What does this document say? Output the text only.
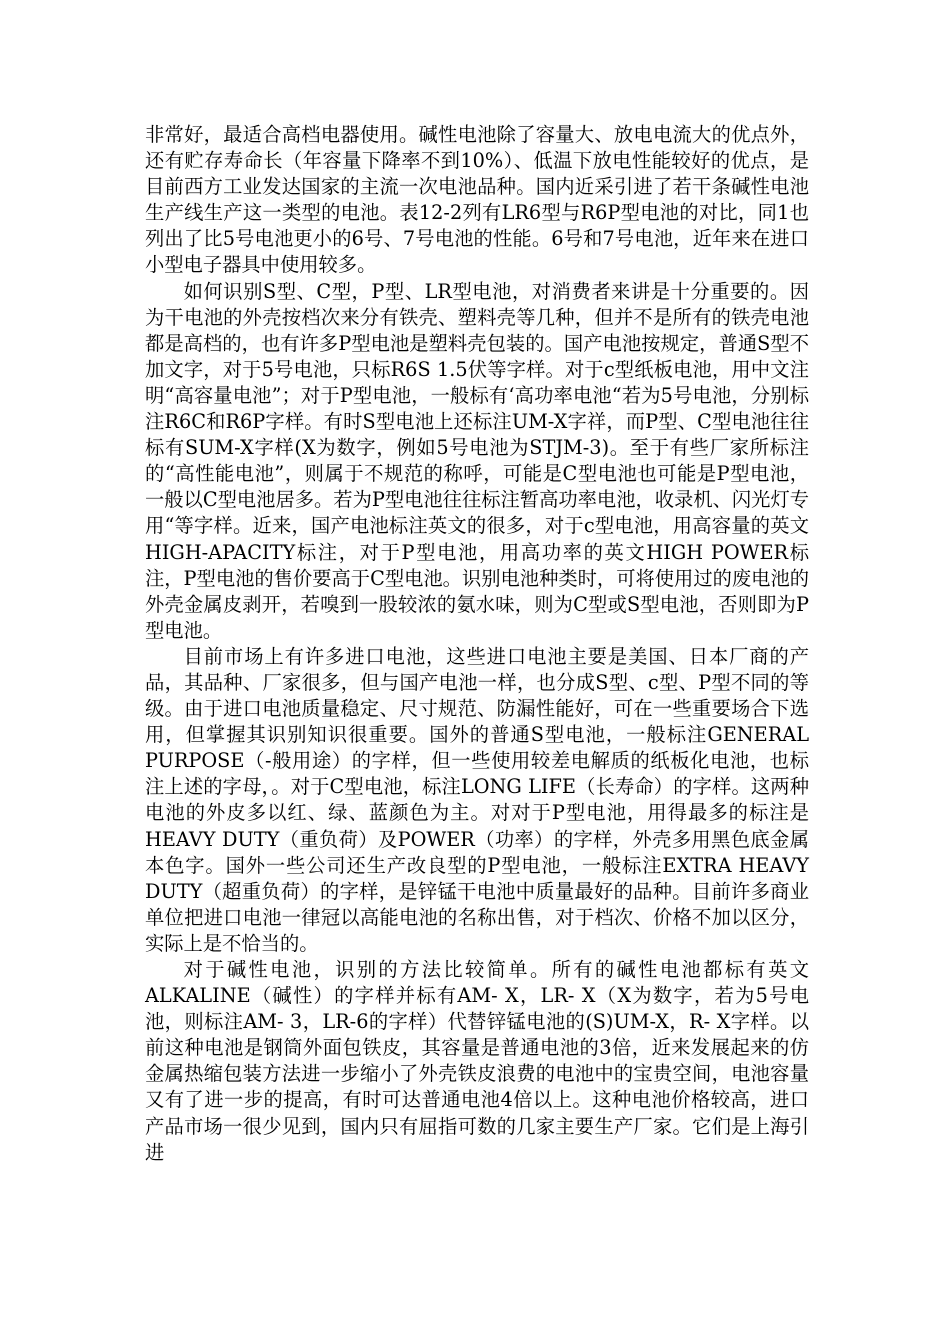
非常好，最适合高档电器使用。碱性电池除了容量大、放电电流大的优点外，还有贮存寿命长（年容量下降率不到10%）、低温下放电性能较好的优点，是目前西方工业发达国家的主流一次电池品种。国内近采引进了若干条碱性电池生产线生产这一类型的电池。表12-2列有LR6型与R6P型电池的对比，同1也列出了比5号电池更小的6号、7号电池的性能。6号和7号电池，近年来在进口小型电子器具中使用较多。

如何识别S型、C型，P型、LR型电池，对消费者来讲是十分重要的。因为干电池的外壳按档次来分有铁壳、塑料壳等几种，但并不是所有的铁壳电池都是高档的，也有许多P型电池是塑料壳包装的。国产电池按规定，普通S型不加文字，对于5号电池，只标R6S 1.5伏等字样。对于c型纸板电池，用中文注明“高容量电池”；对于P型电池，一般标有‘高功率电池“若为5号电池，分别标注R6C和R6P字样。有时S型电池上还标注UM-X字祥，而P型、C型电池往往标有SUM-X字样(X为数字，例如5号电池为STJM-3)。至于有些厂家所标注的“高性能电池”，则属于不规范的称呼，可能是C型电池也可能是P型电池，一般以C型电池居多。若为P型电池往往标注暂高功率电池，收录机、闪光灯专用“等字样。近来，国产电池标注英文的很多，对于c型电池，用高容量的英文HIGH-APACITY标注，对于P型电池，用高功率的英文HIGH POWER标注，P型电池的售价要高于C型电池。识别电池种类时，可将使用过的废电池的外壳金属皮剥开，若嗅到一股较浓的氨水味，则为C型或S型电池，否则即为P型电池。

目前市场上有许多进口电池，这些进口电池主要是美国、日本厂商的产品，其品种、厂家很多，但与国产电池一样，也分成S型、c型、P型不同的等级。由于进口电池质量稳定、尺寸规范、防漏性能好，可在一些重要场合下选用，但掌握其识别知识很重要。国外的普通S型电池，一般标注GENERAL　PURPOSE（-般用途）的字样，但一些使用较差电解质的纸板化电池，也标注上述的字母，。对于C型电池，标注LONG LIFE（长寿命）的字样。这两种电池的外皮多以红、绿、蓝颜色为主。对对于P型电池，用得最多的标注是HEAVY DUTY（重负荷）及POWER（功率）的字样，外壳多用黑色底金属本色字。国外一些公司还生产改良型的P型电池，一般标注EXTRA HEAVY DUTY（超重负荷）的字样，是锌锰干电池中质量最好的品种。目前许多商业单位把进口电池一律冠以高能电池的名称出售，对于档次、价格不加以区分，实际上是不恰当的。

对于碱性电池，识别的方法比较简单。所有的碱性电池都标有英文ALKALINE（碱性）的字样并标有AM- X，LR- X（X为数字，若为5号电池，则标注AM- 3，LR-6的字样）代替锌锰电池的(S)UM-X，R- X字样。以前这种电池是钢筒外面包铁皮，其容量是普通电池的3倍，近来发展起来的仿金属热缩包装方法进一步缩小了外壳铁皮浪费的电池中的宝贵空间，电池容量又有了进一步的提高，有时可达普通电池4倍以上。这种电池价格较高，进口产品市场一很少见到，国内只有屈指可数的几家主要生产厂家。它们是上海引进
